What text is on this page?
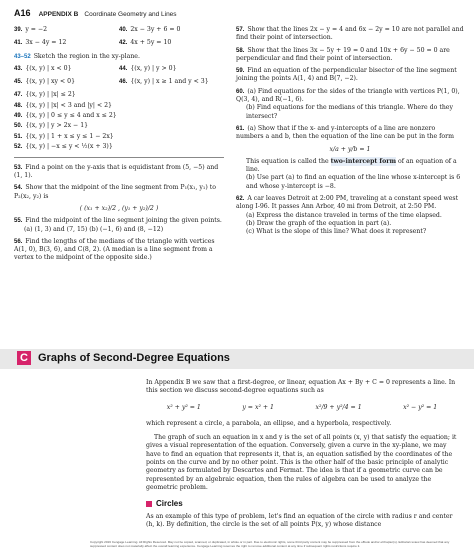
A16 APPENDIX B Coordinate Geometry and Lines
39. y = −2	40. 2x − 3y + 6 = 0
41. 3x − 4y = 12	42. 4x + 5y = 10
43–52 Sketch the region in the xy-plane.
43. {(x, y) | x < 0}	44. {(x, y) | y > 0}
45. {(x, y) | xy < 0}	46. {(x, y) | x ≥ 1 and y < 3}
47. {(x, y) | |x| ≤ 2}
48. {(x, y) | |x| < 3 and |y| < 2}
49. {(x, y) | 0 ≤ y ≤ 4 and x ≤ 2}
50. {(x, y) | y > 2x − 1}
51. {(x, y) | 1 + x ≤ y ≤ 1 − 2x}
52. {(x, y) | −x ≤ y < ½(x + 3)}
53. Find a point on the y-axis that is equidistant from (5, −5) and (1, 1).
54. Show that the midpoint of the line segment from P₁(x₁, y₁) to P₂(x₂, y₂) is
( (x₁ + x₂)/2 , (y₁ + y₂)/2 )
55. Find the midpoint of the line segment joining the given points.
(a) (1, 3) and (7, 15) (b) (−1, 6) and (8, −12)
56. Find the lengths of the medians of the triangle with vertices A(1, 0), B(3, 6), and C(8, 2). (A median is a line segment from a vertex to the midpoint of the opposite side.)
57. Show that the lines 2x − y = 4 and 6x − 2y = 10 are not parallel and find their point of intersection.
58. Show that the lines 3x − 5y + 19 = 0 and 10x + 6y − 50 = 0 are perpendicular and find their point of intersection.
59. Find an equation of the perpendicular bisector of the line segment joining the points A(1, 4) and B(7, −2).
60. (a) Find equations for the sides of the triangle with vertices P(1, 0), Q(3, 4), and R(−1, 6).
(b) Find equations for the medians of this triangle. Where do they intersect?
61. (a) Show that if the x- and y-intercepts of a line are nonzero numbers a and b, then the equation of the line can be put in the form
x/a + y/b = 1
This equation is called the two-intercept form of an equation of a line.
(b) Use part (a) to find an equation of the line whose x-intercept is 6 and whose y-intercept is −8.
62. A car leaves Detroit at 2:00 PM, traveling at a constant speed west along I-96. It passes Ann Arbor, 40 mi from Detroit, at 2:50 PM.
(a) Express the distance traveled in terms of the time elapsed.
(b) Draw the graph of the equation in part (a).
(c) What is the slope of this line? What does it represent?
C Graphs of Second-Degree Equations

In Appendix B we saw that a first-degree, or linear, equation Ax + By + C = 0 represents a line. In this section we discuss second-degree equations such as

x² + y² = 1	y = x² + 1	x²/9 + y²/4 = 1	x² − y² = 1

which represent a circle, a parabola, an ellipse, and a hyperbola, respectively.

The graph of such an equation in x and y is the set of all points (x, y) that satisfy the equation; it gives a visual representation of the equation. Conversely, given a curve in the xy-plane, we may have to find an equation that represents it, that is, an equation satisfied by the coordinates of the points on the curve and by no other point. This is the other half of the basic principle of analytic geometry as formulated by Descartes and Fermat. The idea is that if a geometric curve can be represented by an algebraic equation, then the rules of algebra can be used to analyze the geometric problem.

Circles

As an example of this type of problem, let's find an equation of the circle with radius r and center (h, k). By definition, the circle is the set of all points P(x, y) whose distance

Copyright 2016 Cengage Learning. All Rights Reserved. May not be copied, scanned, or duplicated, in whole or in part. Due to electronic rights, some third party content may be suppressed from the eBook and/or eChapter(s). Editorial review has deemed that any suppressed content does not materially affect the overall learning experience. Cengage Learning reserves the right to remove additional content at any time if subsequent rights restrictions require it.
